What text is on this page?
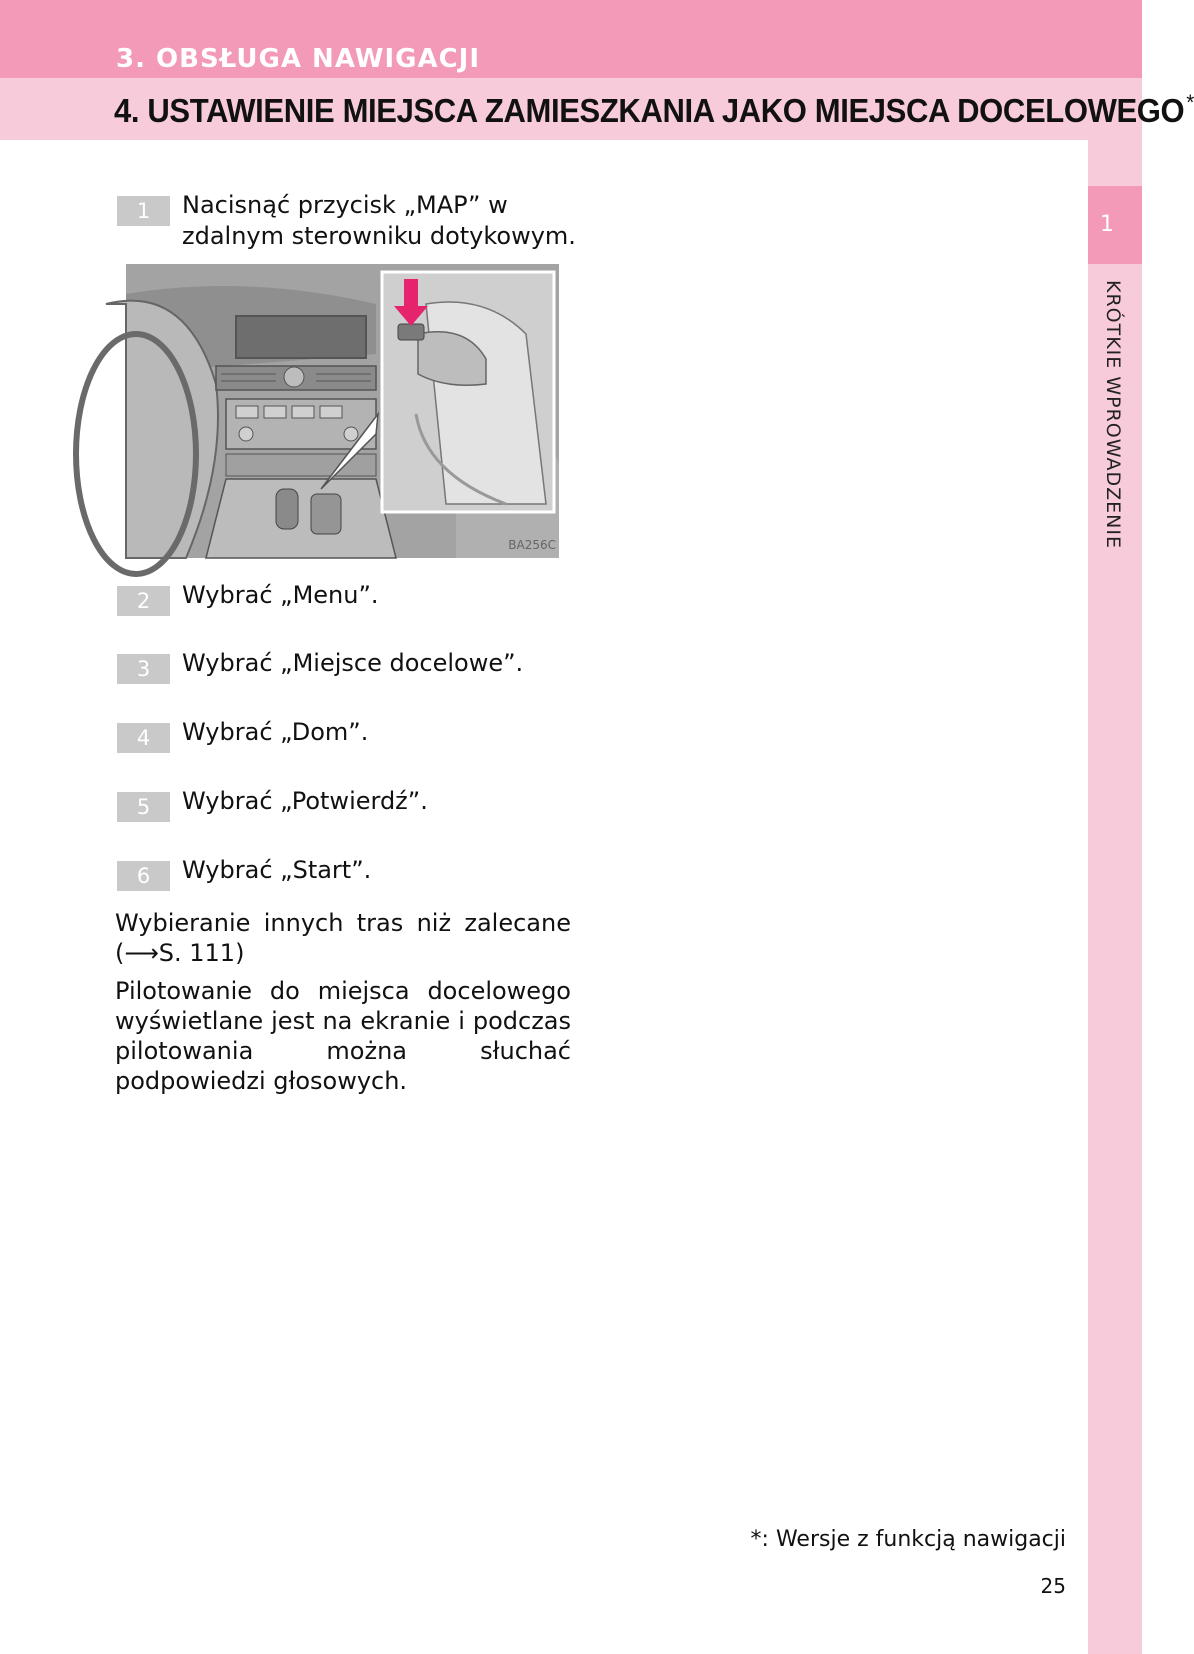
3. OBSŁUGA NAWIGACJI
4. USTAWIENIE MIEJSCA ZAMIESZKANIA JAKO MIEJSCA DOCELOWEGO*
1
KRÓTKIE WPROWADZENIE
1	Nacisnąć przycisk „MAP” w zdalnym sterowniku dotykowym.
BA256C
2	Wybrać „Menu”.
3	Wybrać „Miejsce docelowe”.
4	Wybrać „Dom”.
5	Wybrać „Potwierdź”.
6	Wybrać „Start”.
Wybieranie innych tras niż zalecane (⟶S. 111)
Pilotowanie do miejsca docelowego wyświetlane jest na ekranie i podczas pilotowania można słuchać podpowiedzi głosowych.
*: Wersje z funkcją nawigacji
25
